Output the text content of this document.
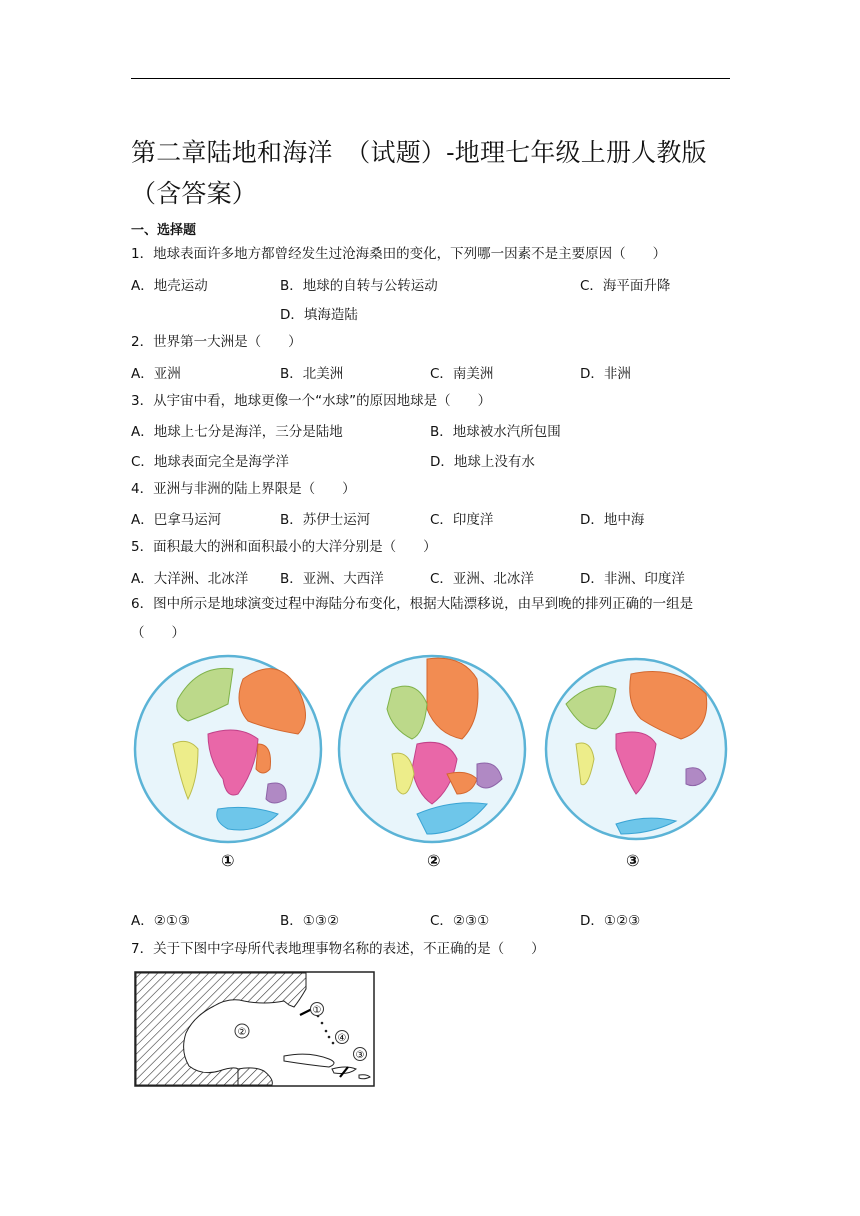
第二章陆地和海洋　（试题）-地理七年级上册人教版（含答案）
一、选择题
1．地球表面许多地方都曾经发生过沧海桑田的变化，下列哪一因素不是主要原因（　　）
A．地壳运动	B．地球的自转与公转运动	C．海平面升降
D．填海造陆
2．世界第一大洲是（　　）
A．亚洲	B．北美洲	C．南美洲	D．非洲
3．从宇宙中看，地球更像一个“水球”的原因地球是（　　）
A．地球上七分是海洋，三分是陆地	B．地球被水汽所包围
C．地球表面完全是海学洋	D．地球上没有水
4．亚洲与非洲的陆上界限是（　　）
A．巴拿马运河	B．苏伊士运河	C．印度洋	D．地中海
5．面积最大的洲和面积最小的大洋分别是（　　）
A．大洋洲、北冰洋 B．亚洲、大西洋	C．亚洲、北冰洋	D．非洲、印度洋
6．图中所示是地球演变过程中海陆分布变化，根据大陆漂移说，由早到晚的排列正确的一组是（　　）
①	②	③
A．②①③	B．①③②	C．②③①	D．①②③
7．关于下图中字母所代表地理事物名称的表述，不正确的是（　　）
①
②
③
④
